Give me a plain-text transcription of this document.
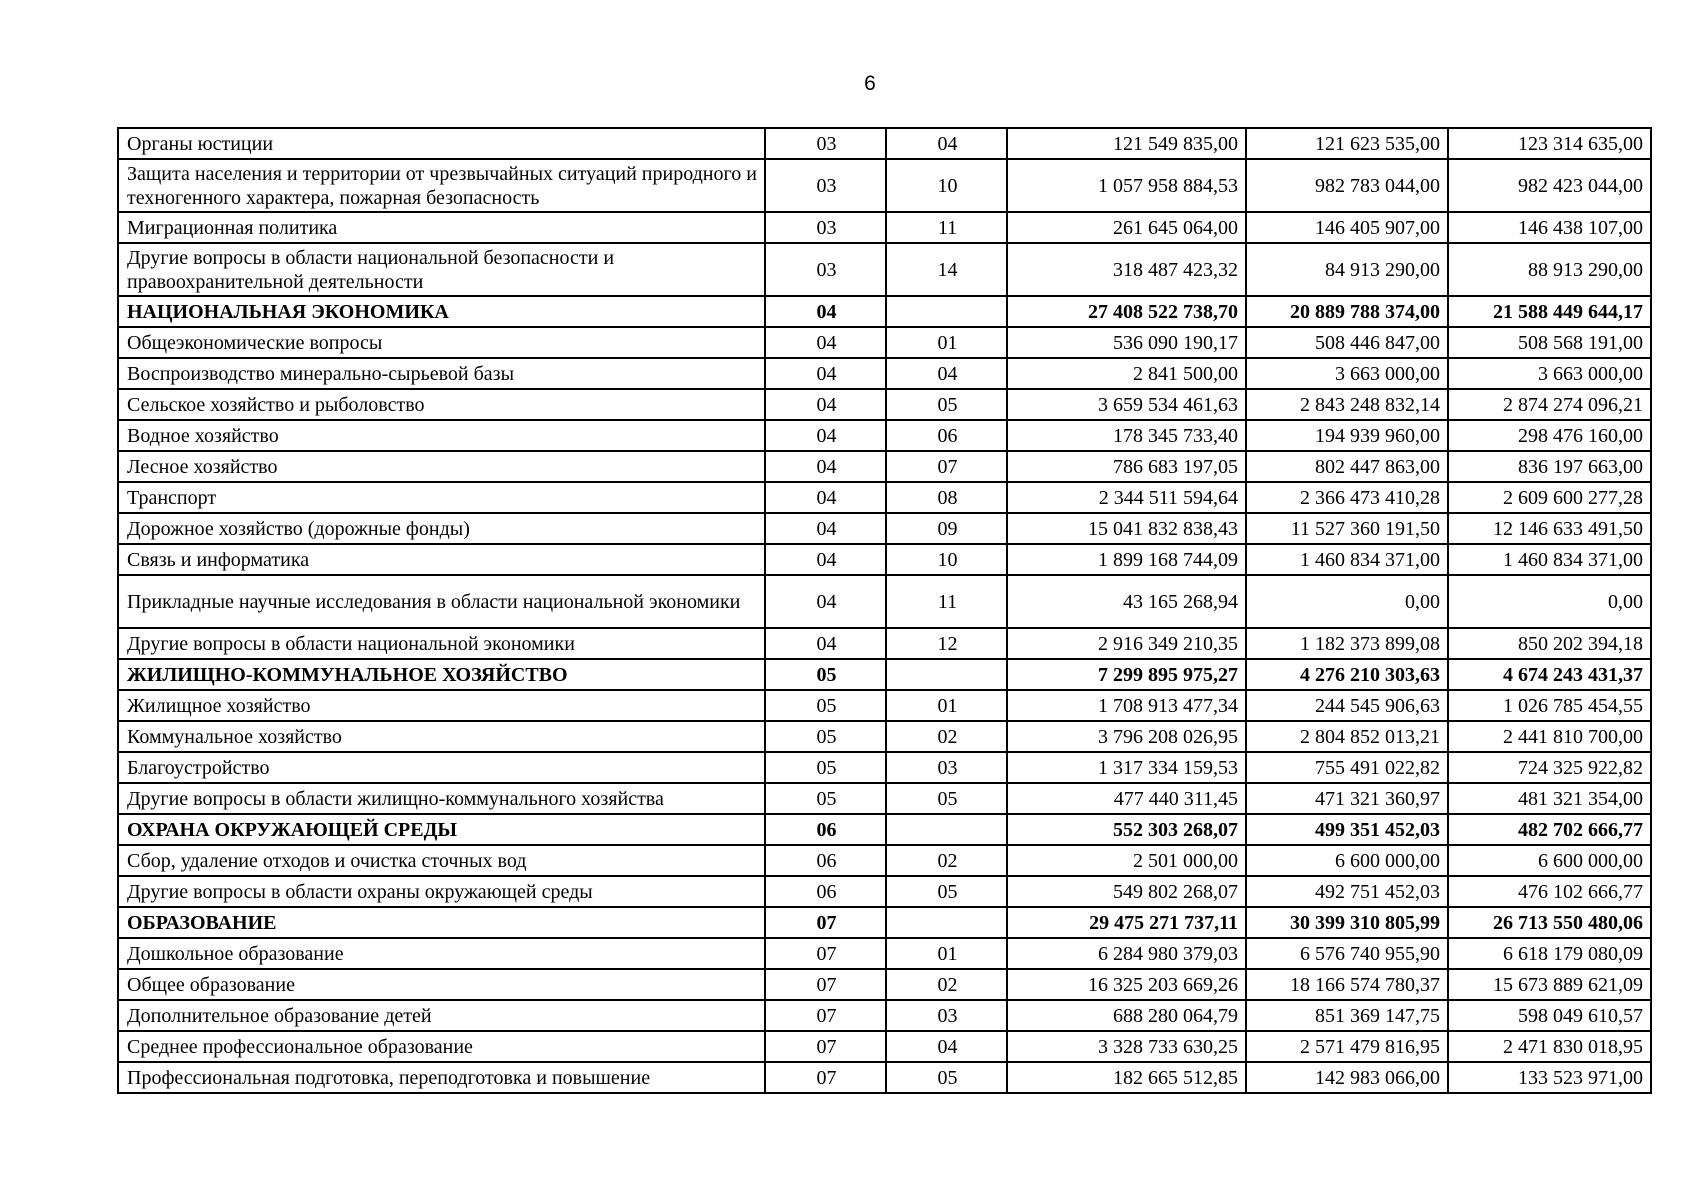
6
Органы юстиции	03	04	121 549 835,00	121 623 535,00	123 314 635,00
Защита населения и территории от чрезвычайных ситуаций природного и техногенного характера, пожарная безопасность	03	10	1 057 958 884,53	982 783 044,00	982 423 044,00
Миграционная политика	03	11	261 645 064,00	146 405 907,00	146 438 107,00
Другие вопросы в области национальной безопасности и правоохранительной деятельности	03	14	318 487 423,32	84 913 290,00	88 913 290,00
НАЦИОНАЛЬНАЯ ЭКОНОМИКА	04		27 408 522 738,70	20 889 788 374,00	21 588 449 644,17
Общеэкономические вопросы	04	01	536 090 190,17	508 446 847,00	508 568 191,00
Воспроизводство минерально-сырьевой базы	04	04	2 841 500,00	3 663 000,00	3 663 000,00
Сельское хозяйство и рыболовство	04	05	3 659 534 461,63	2 843 248 832,14	2 874 274 096,21
Водное хозяйство	04	06	178 345 733,40	194 939 960,00	298 476 160,00
Лесное хозяйство	04	07	786 683 197,05	802 447 863,00	836 197 663,00
Транспорт	04	08	2 344 511 594,64	2 366 473 410,28	2 609 600 277,28
Дорожное хозяйство (дорожные фонды)	04	09	15 041 832 838,43	11 527 360 191,50	12 146 633 491,50
Связь и информатика	04	10	1 899 168 744,09	1 460 834 371,00	1 460 834 371,00
Прикладные научные исследования в области национальной экономики	04	11	43 165 268,94	0,00	0,00
Другие вопросы в области национальной экономики	04	12	2 916 349 210,35	1 182 373 899,08	850 202 394,18
ЖИЛИЩНО-КОММУНАЛЬНОЕ ХОЗЯЙСТВО	05		7 299 895 975,27	4 276 210 303,63	4 674 243 431,37
Жилищное хозяйство	05	01	1 708 913 477,34	244 545 906,63	1 026 785 454,55
Коммунальное хозяйство	05	02	3 796 208 026,95	2 804 852 013,21	2 441 810 700,00
Благоустройство	05	03	1 317 334 159,53	755 491 022,82	724 325 922,82
Другие вопросы в области жилищно-коммунального хозяйства	05	05	477 440 311,45	471 321 360,97	481 321 354,00
ОХРАНА ОКРУЖАЮЩЕЙ СРЕДЫ	06		552 303 268,07	499 351 452,03	482 702 666,77
Сбор, удаление отходов и очистка сточных вод	06	02	2 501 000,00	6 600 000,00	6 600 000,00
Другие вопросы в области охраны окружающей среды	06	05	549 802 268,07	492 751 452,03	476 102 666,77
ОБРАЗОВАНИЕ	07		29 475 271 737,11	30 399 310 805,99	26 713 550 480,06
Дошкольное образование	07	01	6 284 980 379,03	6 576 740 955,90	6 618 179 080,09
Общее образование	07	02	16 325 203 669,26	18 166 574 780,37	15 673 889 621,09
Дополнительное образование детей	07	03	688 280 064,79	851 369 147,75	598 049 610,57
Среднее профессиональное образование	07	04	3 328 733 630,25	2 571 479 816,95	2 471 830 018,95
Профессиональная подготовка, переподготовка и повышение	07	05	182 665 512,85	142 983 066,00	133 523 971,00
